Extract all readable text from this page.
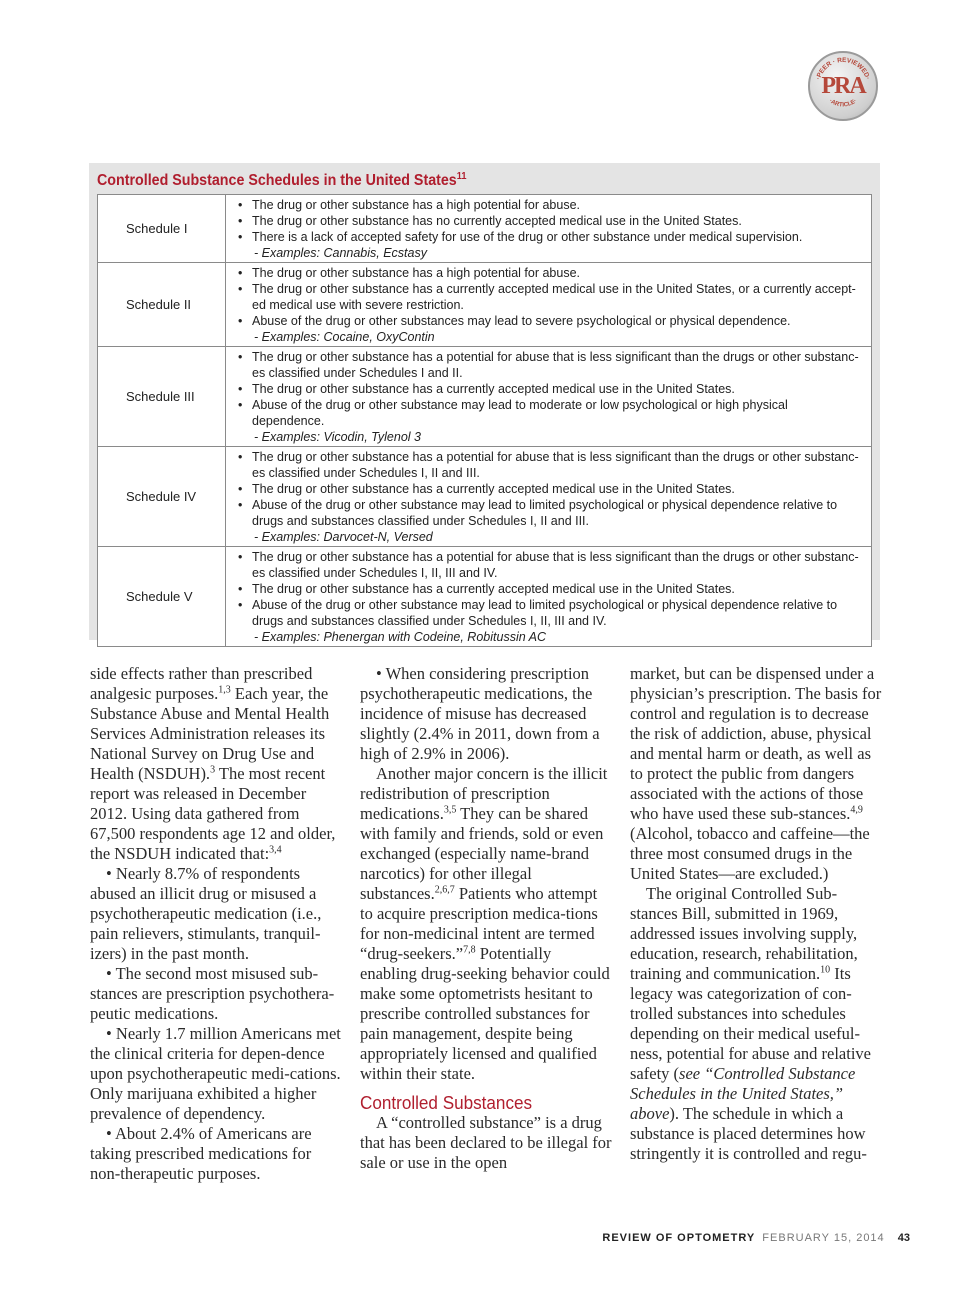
·PEER · REVIEWED·
·ARTICLE·
PRA
Controlled Substance Schedules in the United States$^{11}$
Schedule I	• The drug or other substance has a high potential for abuse.
• The drug or other substance has no currently accepted medical use in the United States.
• There is a lack of accepted safety for use of the drug or other substance under medical supervision.
- Examples: Cannabis, Ecstasy

Schedule II	• The drug or other substance has a high potential for abuse.
• The drug or other substance has a currently accepted medical use in the United States, or a currently accept-ed medical use with severe restriction.
• Abuse of the drug or other substances may lead to severe psychological or physical dependence.
- Examples: Cocaine, OxyContin

Schedule III	• The drug or other substance has a potential for abuse that is less significant than the drugs or other substanc-es classified under Schedules I and II.
• The drug or other substance has a currently accepted medical use in the United States.
• Abuse of the drug or other substance may lead to moderate or low psychological or high physical dependence.
- Examples: Vicodin, Tylenol 3

Schedule IV	• The drug or other substance has a potential for abuse that is less significant than the drugs or other substanc-es classified under Schedules I, II and III.
• The drug or other substance has a currently accepted medical use in the United States.
• Abuse of the drug or other substance may lead to limited psychological or physical dependence relative to drugs and substances classified under Schedules I, II and III.
- Examples: Darvocet-N, Versed

Schedule V	• The drug or other substance has a potential for abuse that is less significant than the drugs or other substanc-es classified under Schedules I, II, III and IV.
• The drug or other substance has a currently accepted medical use in the United States.
• Abuse of the drug or other substance may lead to limited psychological or physical dependence relative to drugs and substances classified under Schedules I, II, III and IV.
- Examples: Phenergan with Codeine, Robitussin AC

side effects rather than prescribed analgesic purposes.$^{1,3}$ Each year, the Substance Abuse and Mental Health Services Administration releases its National Survey on Drug Use and Health (NSDUH).$^3$ The most recent report was released in December 2012. Using data gathered from 67,500 respondents age 12 and older, the NSDUH indicated that:$^{3,4}$

• Nearly 8.7% of respondents abused an illicit drug or misused a psychotherapeutic medication (i.e., pain relievers, stimulants, tranquil-izers) in the past month.

• The second most misused sub-stances are prescription psychothera-peutic medications.

• Nearly 1.7 million Americans met the clinical criteria for depen-dence upon psychotherapeutic medi-cations. Only marijuana exhibited a higher prevalence of dependency.

• About 2.4% of Americans are taking prescribed medications for non-therapeutic purposes.

• When considering prescription psychotherapeutic medications, the incidence of misuse has decreased slightly (2.4% in 2011, down from a high of 2.9% in 2006).

Another major concern is the illicit redistribution of prescription medications.$^{3,5}$ They can be shared with family and friends, sold or even exchanged (especially name-brand narcotics) for other illegal substances.$^{2,6,7}$ Patients who attempt to acquire prescription medica-tions for non-medicinal intent are termed “drug-seekers.”$^{7,8}$ Potentially enabling drug-seeking behavior could make some optometrists hesitant to prescribe controlled substances for pain management, despite being appropriately licensed and qualified within their state.

Controlled Substances

A “controlled substance” is a drug that has been declared to be illegal for sale or use in the open

market, but can be dispensed under a physician’s prescription. The basis for control and regulation is to decrease the risk of addiction, abuse, physical and mental harm or death, as well as to protect the public from dangers associated with the actions of those who have used these sub-stances.$^{4,9}$ (Alcohol, tobacco and caffeine—the three most consumed drugs in the United States—are excluded.)

The original Controlled Sub-stances Bill, submitted in 1969, addressed issues involving supply, education, research, rehabilitation, training and communication.$^{10}$ Its legacy was categorization of con-trolled substances into schedules depending on their medical useful-ness, potential for abuse and relative safety (see “Controlled Substance Schedules in the United States,” above). The schedule in which a substance is placed determines how stringently it is controlled and regu-

REVIEW OF OPTOMETRY FEBRUARY 15, 2014 43
